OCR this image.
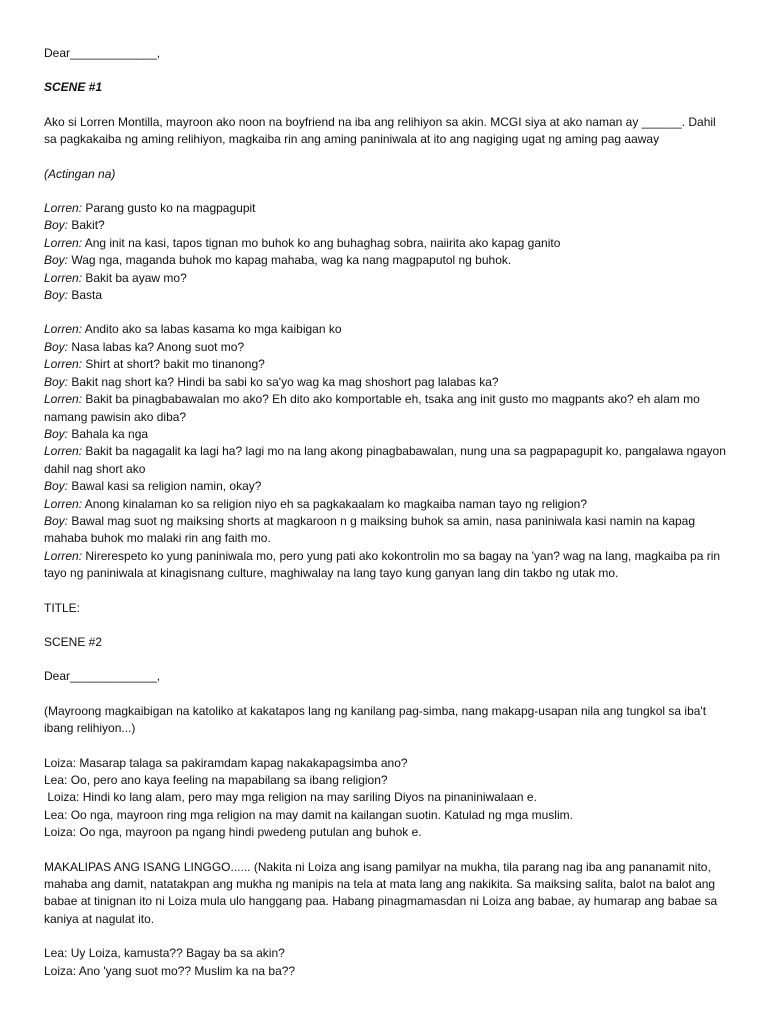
Dear_____________,

SCENE #1

Ako si Lorren Montilla, mayroon ako noon na boyfriend na iba ang relihiyon sa akin. MCGI siya at ako naman ay ______. Dahil sa pagkakaiba ng aming relihiyon, magkaiba rin ang aming paniniwala at ito ang nagiging ugat ng aming pag aaway

(Actingan na)

Lorren: Parang gusto ko na magpagupit
Boy: Bakit?
Lorren: Ang init na kasi, tapos tignan mo buhok ko ang buhaghag sobra, naiirita ako kapag ganito
Boy: Wag nga, maganda buhok mo kapag mahaba, wag ka nang magpaputol ng buhok.
Lorren: Bakit ba ayaw mo?
Boy: Basta
Lorren: Andito ako sa labas kasama ko mga kaibigan ko
Boy: Nasa labas ka? Anong suot mo?
Lorren: Shirt at short? bakit mo tinanong?
Boy: Bakit nag short ka? Hindi ba sabi ko sa'yo wag ka mag shoshort pag lalabas ka?
Lorren: Bakit ba pinagbabawalan mo ako? Eh dito ako komportable eh, tsaka ang init gusto mo magpants ako? eh alam mo namang pawisin ako diba?
Boy: Bahala ka nga
Lorren: Bakit ba nagagalit ka lagi ha? lagi mo na lang akong pinagbabawalan, nung una sa pagpapagupit ko, pangalawa ngayon dahil nag short ako
Boy: Bawal kasi sa religion namin, okay?
Lorren: Anong kinalaman ko sa religion niyo eh sa pagkakaalam ko magkaiba naman tayo ng religion?
Boy: Bawal mag suot ng maiksing shorts at magkaroon n g maiksing buhok sa amin, nasa paniniwala kasi namin na kapag mahaba buhok mo malaki rin ang faith mo.
Lorren: Nirerespeto ko yung paniniwala mo, pero yung pati ako kokontrolin mo sa bagay na 'yan? wag na lang, magkaiba pa rin tayo ng paniniwala at kinagisnang culture, maghiwalay na lang tayo kung ganyan lang din takbo ng utak mo.

TITLE:

SCENE #2

Dear_____________,

(Mayroong magkaibigan na katoliko at kakatapos lang ng kanilang pag-simba, nang makapg-usapan nila ang tungkol sa iba't ibang relihiyon...)

Loiza: Masarap talaga sa pakiramdam kapag nakakapagsimba ano?
Lea: Oo, pero ano kaya feeling na mapabilang sa ibang religion?
Loiza: Hindi ko lang alam, pero may mga religion na may sariling Diyos na pinaniniwalaan e.
Lea: Oo nga, mayroon ring mga religion na may damit na kailangan suotin. Katulad ng mga muslim.
Loiza: Oo nga, mayroon pa ngang hindi pwedeng putulan ang buhok e.

MAKALIPAS ANG ISANG LINGGO...... (Nakita ni Loiza ang isang pamilyar na mukha, tila parang nag iba ang pananamit nito, mahaba ang damit, natatakpan ang mukha ng manipis na tela at mata lang ang nakikita. Sa maiksing salita, balot na balot ang babae at tinignan ito ni Loiza mula ulo hanggang paa. Habang pinagmamasdan ni Loiza ang babae, ay humarap ang babae sa kaniya at nagulat ito.

Lea: Uy Loiza, kamusta?? Bagay ba sa akin?
Loiza: Ano 'yang suot mo?? Muslim ka na ba??
